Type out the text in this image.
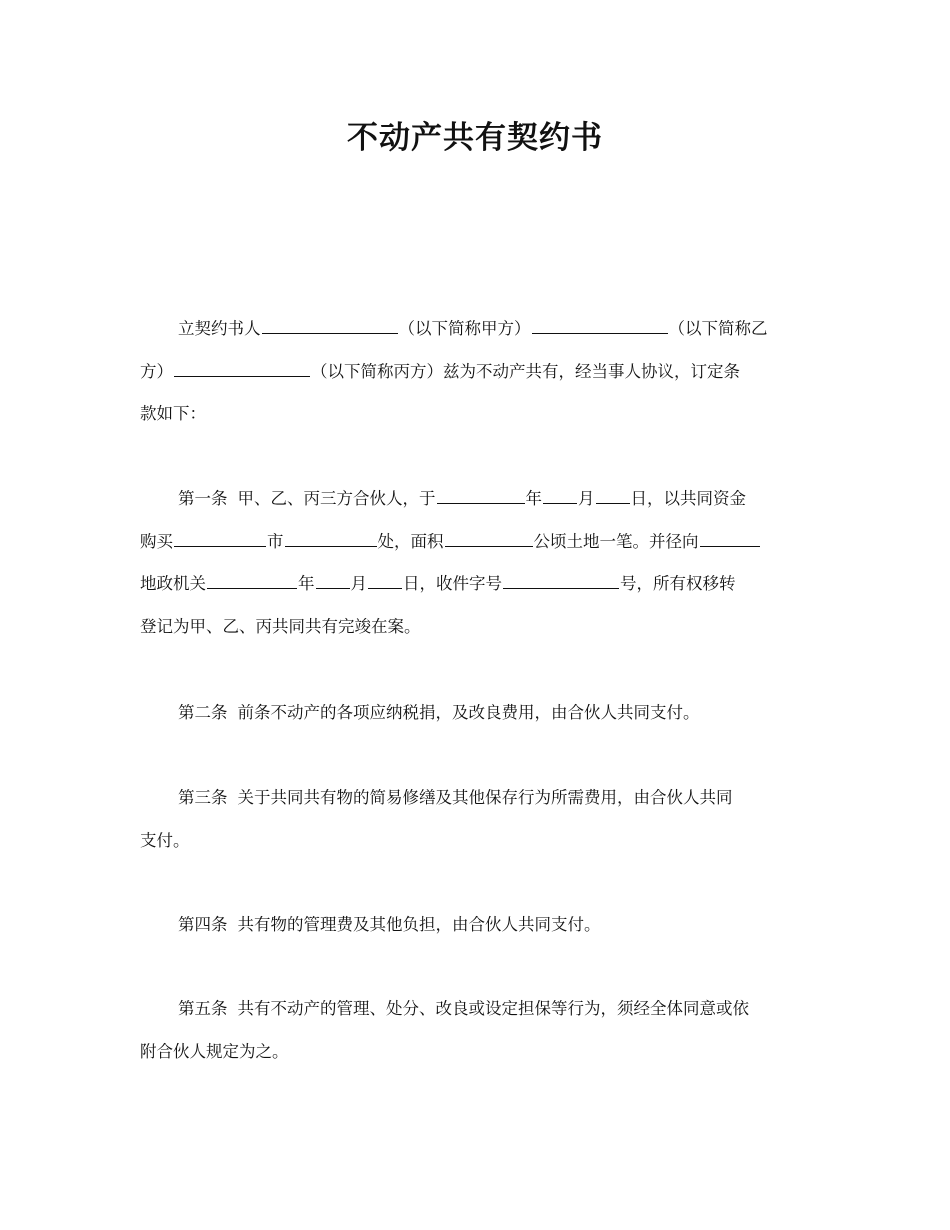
不动产共有契约书
立契约书人	（以下简称甲方）	（以下简称乙
方）	（以下简称丙方）兹为不动产共有，经当事人协议，订定条
款如下：
第一条 甲、乙、丙三方合伙人，于	年 月 日，以共同资金
购买	市	处，面积	公顷土地一笔。并径向
地政机关	年 月 日，收件字号	号，所有权移转
登记为甲、乙、丙共同共有完竣在案。
第二条 前条不动产的各项应纳税捐，及改良费用，由合伙人共同支付。
第三条 关于共同共有物的简易修缮及其他保存行为所需费用，由合伙人共同
支付。
第四条 共有物的管理费及其他负担，由合伙人共同支付。
第五条 共有不动产的管理、处分、改良或设定担保等行为，须经全体同意或依
附合伙人规定为之。
